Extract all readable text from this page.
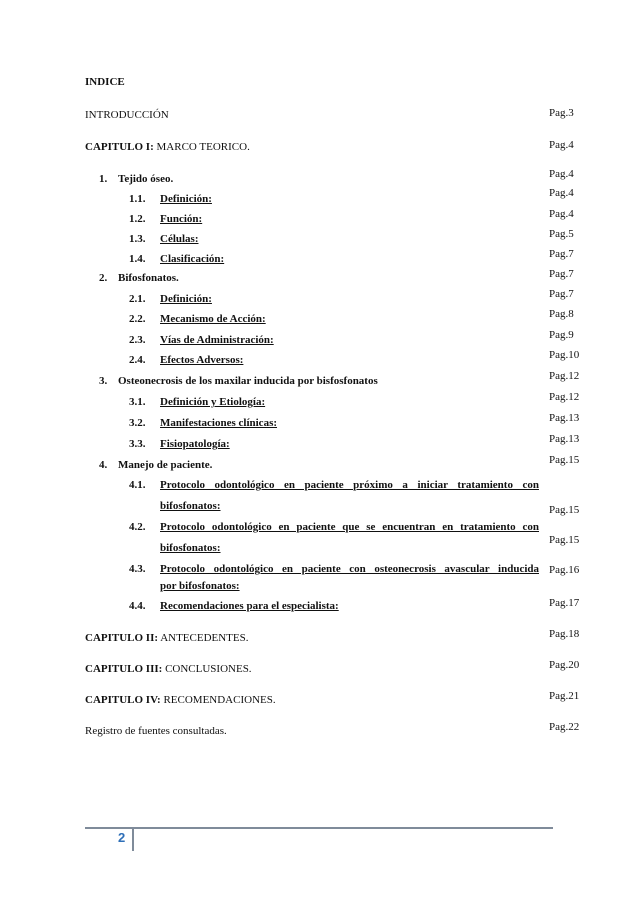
INDICE
INTRODUCCIÓN	Pag.3
CAPITULO I: MARCO TEORICO.	Pag.4
1. Tejido óseo.	Pag.4
1.1. Definición:	Pag.4
1.2. Función:	Pag.4
1.3. Células:	Pag.5
1.4. Clasificación:	Pag.7
2. Bifosfonatos.	Pag.7
2.1. Definición:	Pag.7
2.2. Mecanismo de Acción:	Pag.8
2.3. Vías de Administración:	Pag.9
2.4. Efectos Adversos:	Pag.10
3. Osteonecrosis de los maxilar inducida por bisfosfonatos	Pag.12
3.1. Definición y Etiología:	Pag.12
3.2. Manifestaciones clínicas:	Pag.13
3.3. Fisiopatología:	Pag.13
4. Manejo de paciente.	Pag.15
4.1. Protocolo odontológico en paciente próximo a iniciar tratamiento con
bifosfonatos:	Pag.15
4.2. Protocolo odontológico en paciente que se encuentran en tratamiento con
bifosfonatos:
Pag.15
4.3. Protocolo odontológico en paciente con osteonecrosis avascular inducida
por bifosfonatos:
Pag.16
4.4. Recomendaciones para el especialista:	Pag.17
CAPITULO II: ANTECEDENTES.	Pag.18
CAPITULO III: CONCLUSIONES.	Pag.20
CAPITULO IV: RECOMENDACIONES.	Pag.21
Registro de fuentes consultadas.	Pag.22
2
